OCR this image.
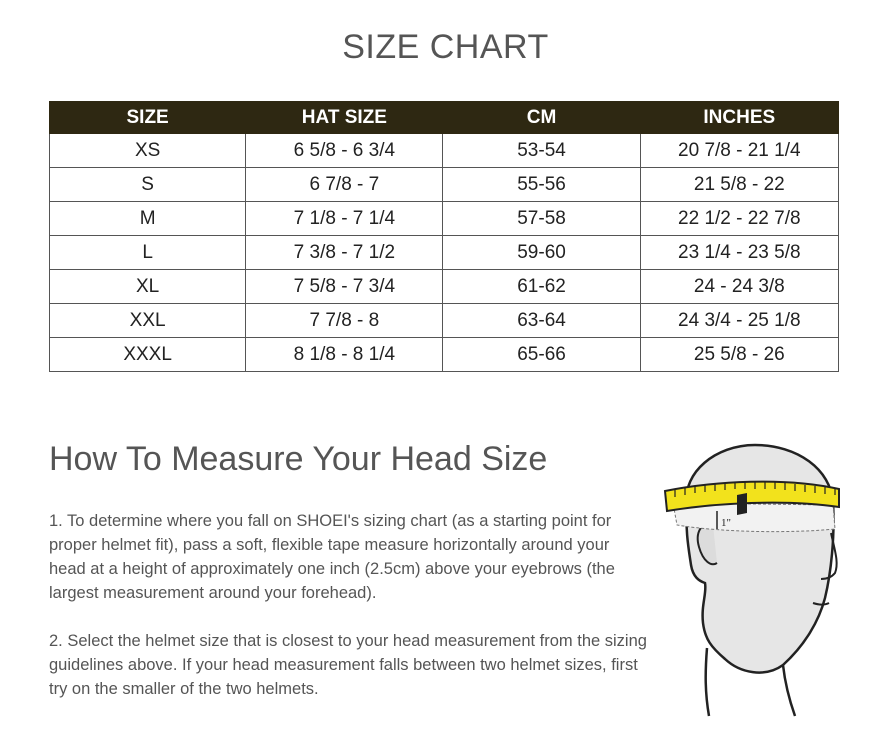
SIZE CHART
SIZE	HAT SIZE	CM	INCHES
XS	6 5/8 - 6 3/4	53-54	20 7/8 - 21 1/4
S	6 7/8 - 7	55-56	21 5/8 - 22
M	7 1/8 - 7 1/4	57-58	22 1/2 - 22 7/8
L	7 3/8 - 7 1/2	59-60	23 1/4 - 23 5/8
XL	7 5/8 - 7 3/4	61-62	24 - 24 3/8
XXL	7 7/8 - 8	63-64	24 3/4 - 25 1/8
XXXL	8 1/8 - 8 1/4	65-66	25 5/8 - 26
How To Measure Your Head Size

1. To determine where you fall on SHOEI's sizing chart (as a starting point for proper helmet fit), pass a soft, flexible tape measure horizontally around your head at a height of approximately one inch (2.5cm) above your eyebrows (the largest measurement around your forehead).

2. Select the helmet size that is closest to your head measurement from the sizing guidelines above. If your head measurement falls between two helmet sizes, first try on the smaller of the two helmets.

1"
